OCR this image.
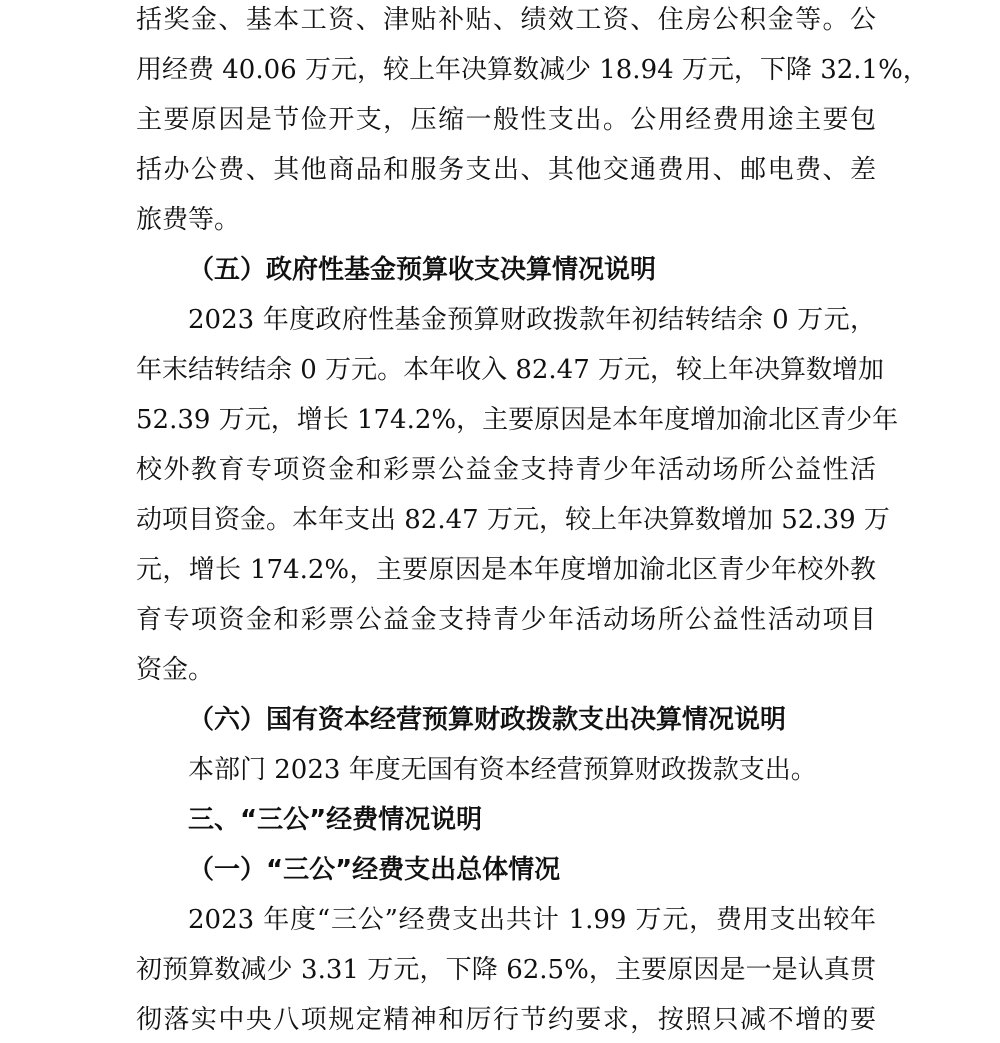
括奖金、基本工资、津贴补贴、绩效工资、住房公积金等。公
用经费 40.06 万元，较上年决算数减少 18.94 万元，下降 32.1%，
主要原因是节俭开支，压缩一般性支出。公用经费用途主要包
括办公费、其他商品和服务支出、其他交通费用、邮电费、差
旅费等。
（五）政府性基金预算收支决算情况说明
2023 年度政府性基金预算财政拨款年初结转结余 0 万元，
年末结转结余 0 万元。本年收入 82.47 万元，较上年决算数增加
52.39 万元，增长 174.2%，主要原因是本年度增加渝北区青少年
校外教育专项资金和彩票公益金支持青少年活动场所公益性活
动项目资金。本年支出 82.47 万元，较上年决算数增加 52.39 万
元，增长 174.2%，主要原因是本年度增加渝北区青少年校外教
育专项资金和彩票公益金支持青少年活动场所公益性活动项目
资金。
（六）国有资本经营预算财政拨款支出决算情况说明
本部门 2023 年度无国有资本经营预算财政拨款支出。
三、“三公”经费情况说明
（一）“三公”经费支出总体情况
2023 年度“三公”经费支出共计 1.99 万元，费用支出较年
初预算数减少 3.31 万元，下降 62.5%，主要原因是一是认真贯
彻落实中央八项规定精神和厉行节约要求，按照只减不增的要
